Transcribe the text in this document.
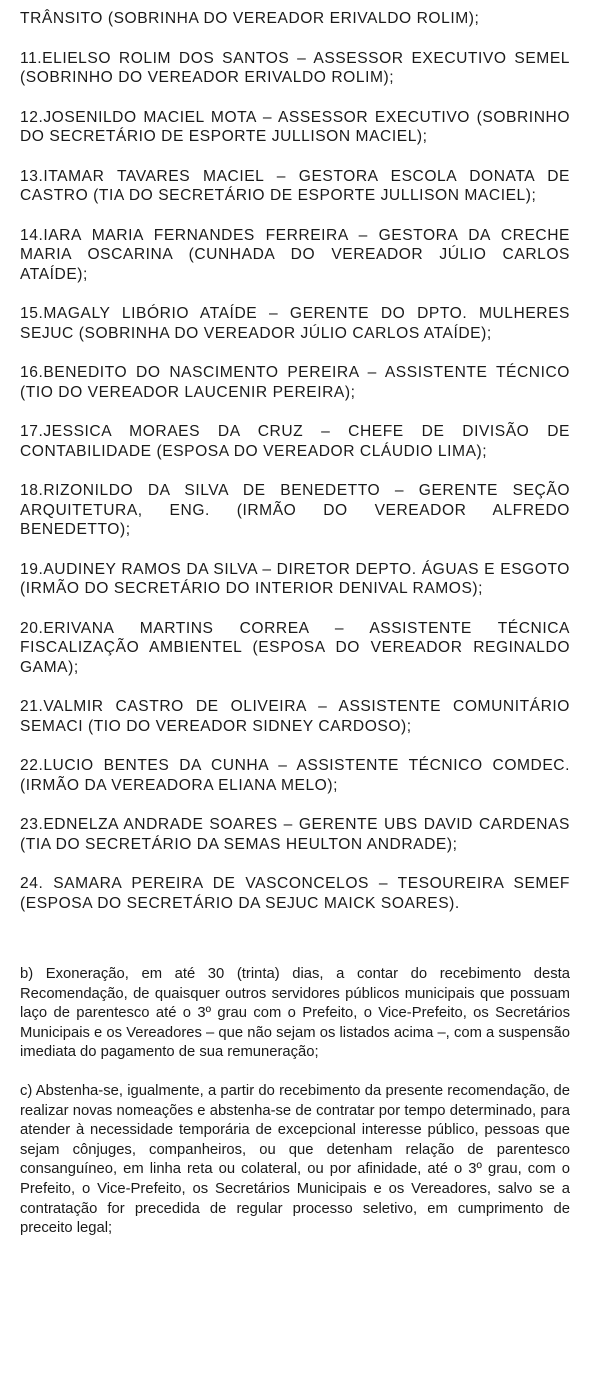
TRÂNSITO (SOBRINHA DO VEREADOR ERIVALDO ROLIM);

11.ELIELSO ROLIM DOS SANTOS – ASSESSOR EXECUTIVO SEMEL (SOBRINHO DO VEREADOR ERIVALDO ROLIM);

12.JOSENILDO MACIEL MOTA – ASSESSOR EXECUTIVO (SOBRINHO DO SECRETÁRIO DE ESPORTE JULLISON MACIEL);

13.ITAMAR TAVARES MACIEL – GESTORA ESCOLA DONATA DE CASTRO (TIA DO SECRETÁRIO DE ESPORTE JULLISON MACIEL);

14.IARA MARIA FERNANDES FERREIRA – GESTORA DA CRECHE MARIA OSCARINA (CUNHADA DO VEREADOR JÚLIO CARLOS ATAÍDE);

15.MAGALY LIBÓRIO ATAÍDE – GERENTE DO DPTO. MULHERES SEJUC (SOBRINHA DO VEREADOR JÚLIO CARLOS ATAÍDE);

16.BENEDITO DO NASCIMENTO PEREIRA – ASSISTENTE TÉCNICO (TIO DO VEREADOR LAUCENIR PEREIRA);

17.JESSICA MORAES DA CRUZ – CHEFE DE DIVISÃO DE CONTABILIDADE (ESPOSA DO VEREADOR CLÁUDIO LIMA);

18.RIZONILDO DA SILVA DE BENEDETTO – GERENTE SEÇÃO ARQUITETURA, ENG. (IRMÃO DO VEREADOR ALFREDO BENEDETTO);

19.AUDINEY RAMOS DA SILVA – DIRETOR DEPTO. ÁGUAS E ESGOTO (IRMÃO DO SECRETÁRIO DO INTERIOR DENIVAL RAMOS);

20.ERIVANA MARTINS CORREA – ASSISTENTE TÉCNICA FISCALIZAÇÃO AMBIENTEL (ESPOSA DO VEREADOR REGINALDO GAMA);

21.VALMIR CASTRO DE OLIVEIRA – ASSISTENTE COMUNITÁRIO SEMACI (TIO DO VEREADOR SIDNEY CARDOSO);

22.LUCIO BENTES DA CUNHA – ASSISTENTE TÉCNICO COMDEC. (IRMÃO DA VEREADORA ELIANA MELO);

23.EDNELZA ANDRADE SOARES – GERENTE UBS DAVID CARDENAS (TIA DO SECRETÁRIO DA SEMAS HEULTON ANDRADE);

24. SAMARA PEREIRA DE VASCONCELOS – TESOUREIRA SEMEF (ESPOSA DO SECRETÁRIO DA SEJUC MAICK SOARES).

b) Exoneração, em até 30 (trinta) dias, a contar do recebimento desta Recomendação, de quaisquer outros servidores públicos municipais que possuam laço de parentesco até o 3º grau com o Prefeito, o Vice-Prefeito, os Secretários Municipais e os Vereadores – que não sejam os listados acima –, com a suspensão imediata do pagamento de sua remuneração;

c) Abstenha-se, igualmente, a partir do recebimento da presente recomendação, de realizar novas nomeações e abstenha-se de contratar por tempo determinado, para atender à necessidade temporária de excepcional interesse público, pessoas que sejam cônjuges, companheiros, ou que detenham relação de parentesco consanguíneo, em linha reta ou colateral, ou por afinidade, até o 3º grau, com o Prefeito, o Vice-Prefeito, os Secretários Municipais e os Vereadores, salvo se a contratação for precedida de regular processo seletivo, em cumprimento de preceito legal;
